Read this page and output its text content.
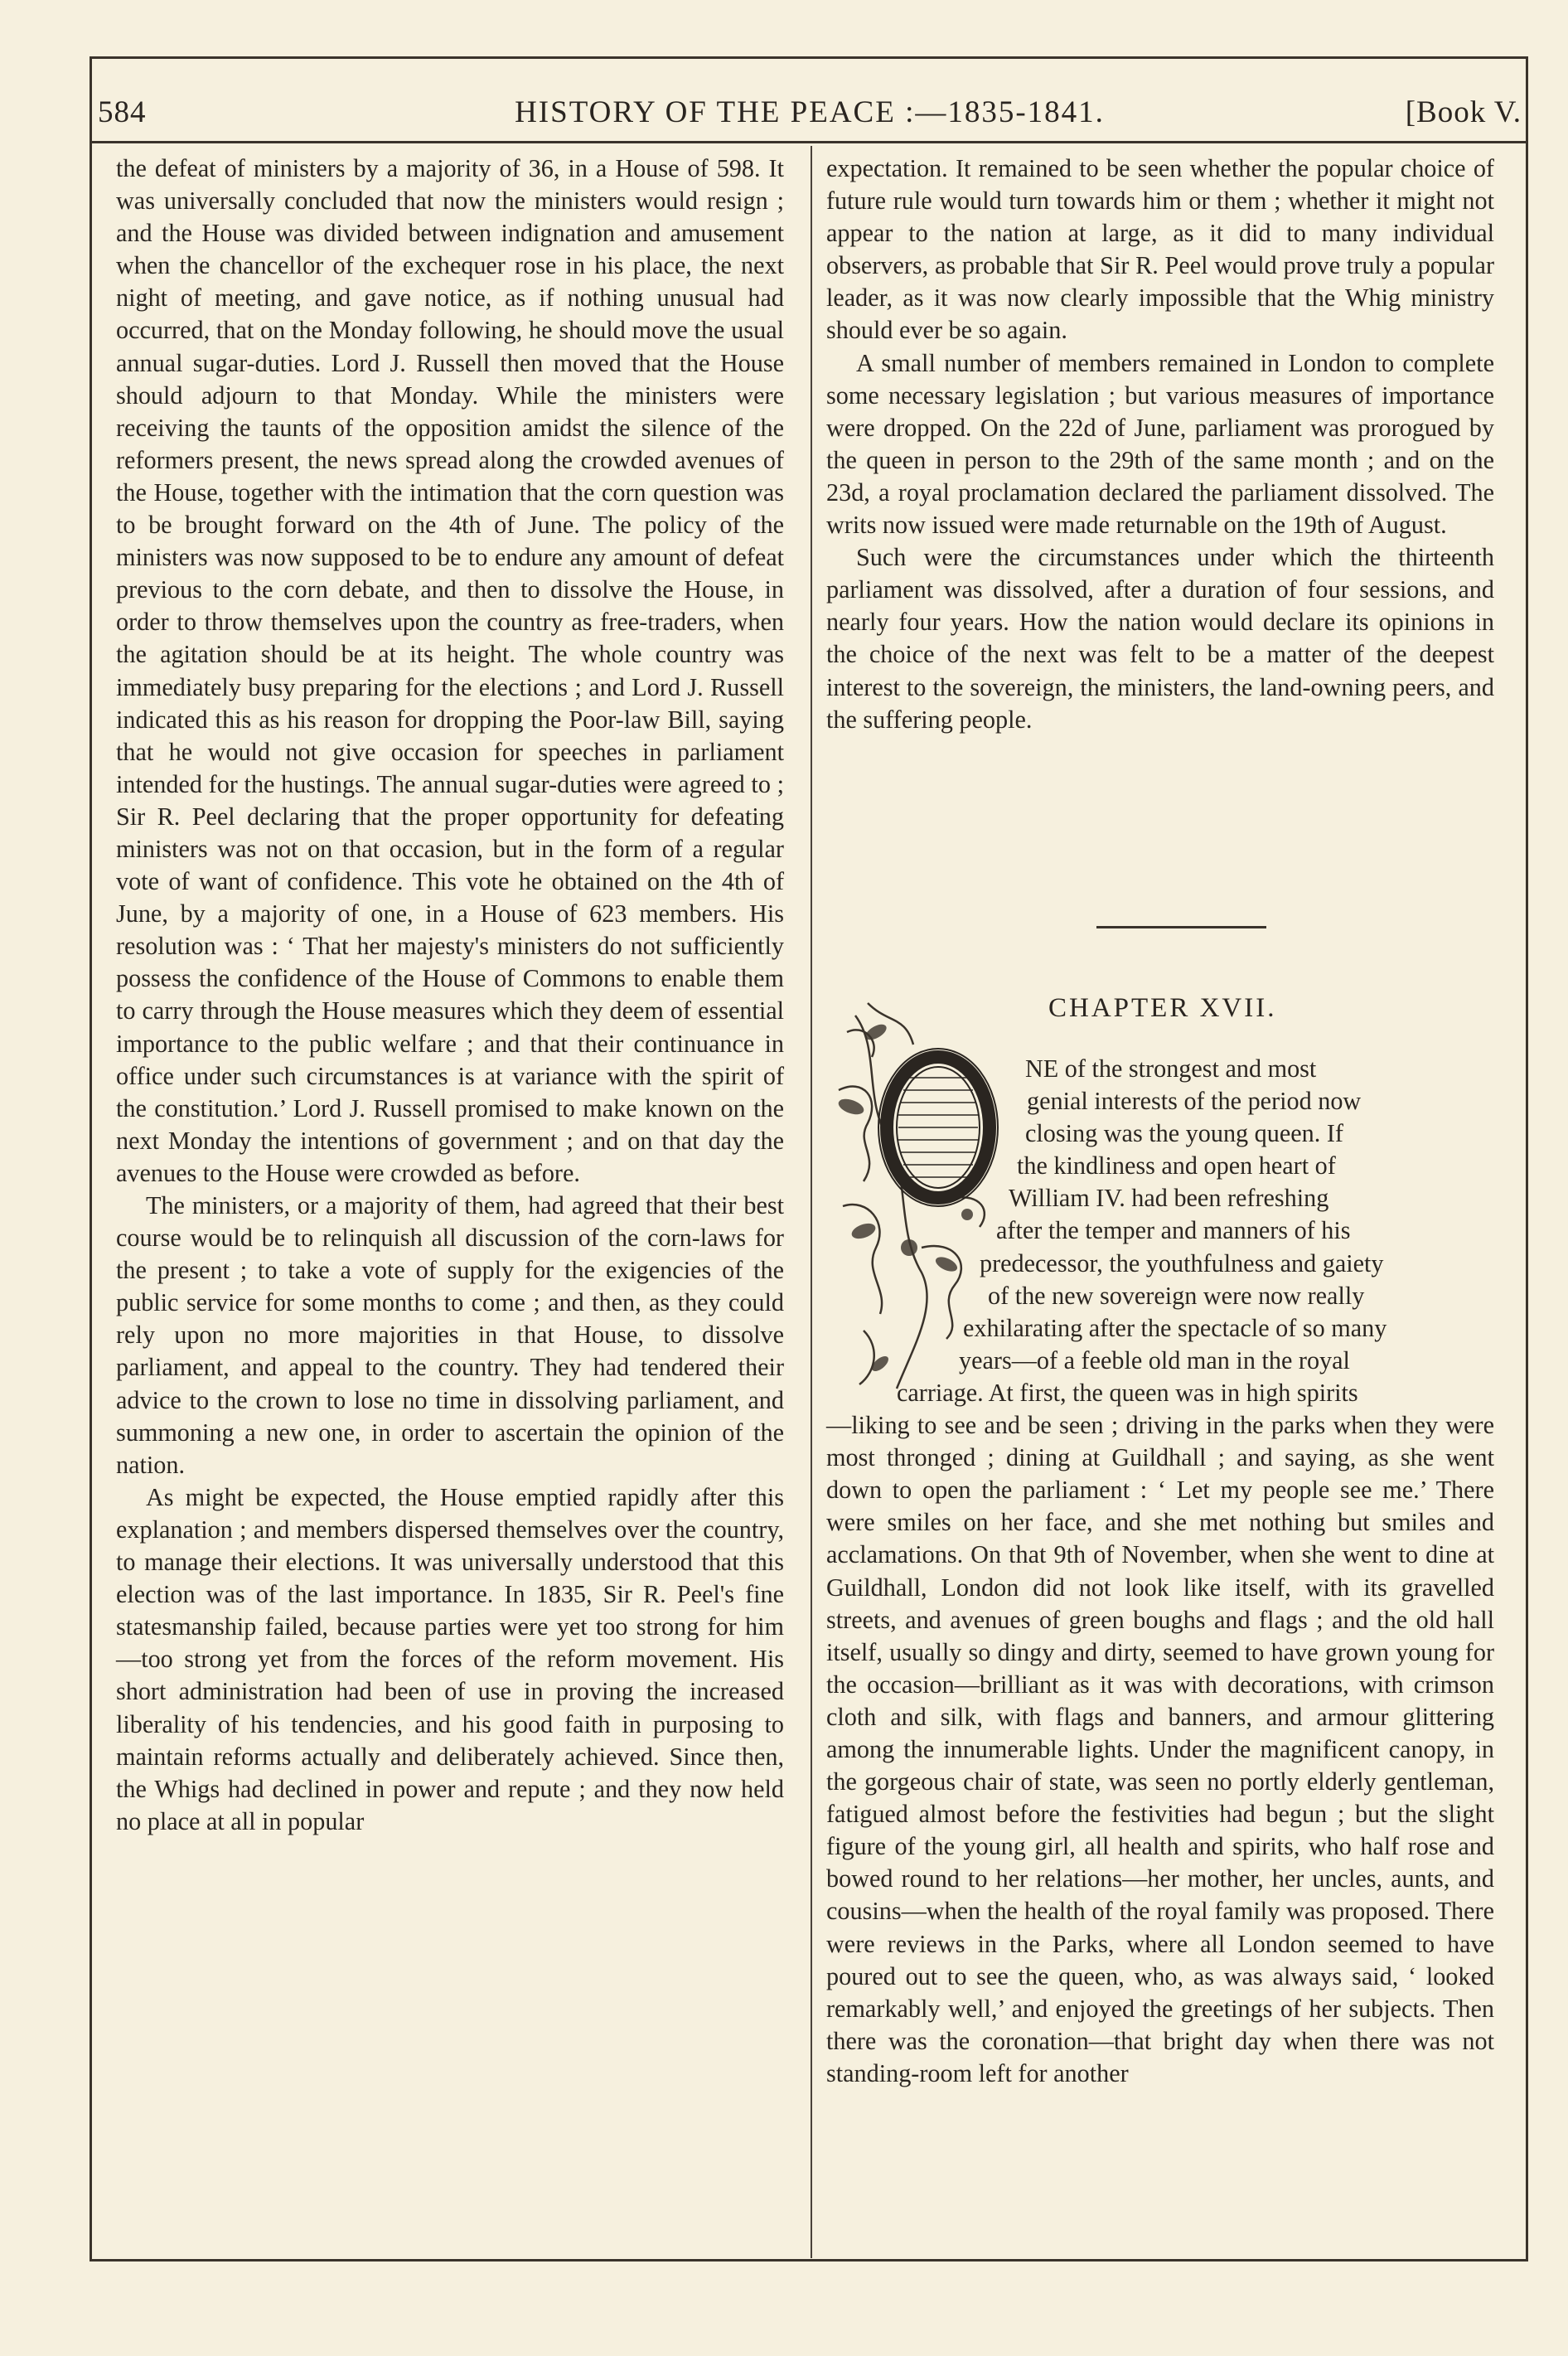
584	HISTORY OF THE PEACE :—1835-1841.	[Book V.

the defeat of ministers by a majority of 36, in a House of 598. It was universally concluded that now the ministers would resign ; and the House was divided between indignation and amusement when the chancellor of the exchequer rose in his place, the next night of meeting, and gave notice, as if nothing unusual had occurred, that on the Monday following, he should move the usual annual sugar-duties. Lord J. Russell then moved that the House should adjourn to that Monday. While the ministers were receiving the taunts of the opposition amidst the silence of the reformers present, the news spread along the crowded avenues of the House, together with the intimation that the corn question was to be brought forward on the 4th of June. The policy of the ministers was now supposed to be to endure any amount of defeat previous to the corn debate, and then to dissolve the House, in order to throw themselves upon the country as free-traders, when the agitation should be at its height. The whole country was immediately busy preparing for the elections ; and Lord J. Russell indicated this as his reason for dropping the Poor-law Bill, saying that he would not give occasion for speeches in parliament intended for the hustings. The annual sugar-duties were agreed to ; Sir R. Peel declaring that the proper opportunity for defeating ministers was not on that occasion, but in the form of a regular vote of want of confidence. This vote he obtained on the 4th of June, by a majority of one, in a House of 623 members. His resolution was : ‘ That her majesty's ministers do not sufficiently possess the confidence of the House of Commons to enable them to carry through the House measures which they deem of essential importance to the public welfare ; and that their continuance in office under such circumstances is at variance with the spirit of the constitution.’ Lord J. Russell promised to make known on the next Monday the intentions of government ; and on that day the avenues to the House were crowded as before.

The ministers, or a majority of them, had agreed that their best course would be to relinquish all discussion of the corn-laws for the present ; to take a vote of supply for the exigencies of the public service for some months to come ; and then, as they could rely upon no more majorities in that House, to dissolve parliament, and appeal to the country. They had tendered their advice to the crown to lose no time in dissolving parliament, and summoning a new one, in order to ascertain the opinion of the nation.

As might be expected, the House emptied rapidly after this explanation ; and members dispersed themselves over the country, to manage their elections. It was universally understood that this election was of the last importance. In 1835, Sir R. Peel's fine statesmanship failed, because parties were yet too strong for him—too strong yet from the forces of the reform movement. His short administration had been of use in proving the increased liberality of his tendencies, and his good faith in purposing to maintain reforms actually and deliberately achieved. Since then, the Whigs had declined in power and repute ; and they now held no place at all in popular

expectation. It remained to be seen whether the popular choice of future rule would turn towards him or them ; whether it might not appear to the nation at large, as it did to many individual observers, as probable that Sir R. Peel would prove truly a popular leader, as it was now clearly impossible that the Whig ministry should ever be so again.

A small number of members remained in London to complete some necessary legislation ; but various measures of importance were dropped. On the 22d of June, parliament was prorogued by the queen in person to the 29th of the same month ; and on the 23d, a royal proclamation declared the parliament dissolved. The writs now issued were made returnable on the 19th of August.

Such were the circumstances under which the thirteenth parliament was dissolved, after a duration of four sessions, and nearly four years. How the nation would declare its opinions in the choice of the next was felt to be a matter of the deepest interest to the sovereign, the ministers, the land-owning peers, and the suffering people.

CHAPTER XVII.
NE of the strongest and most
genial interests of the period now
closing was the young queen. If
the kindliness and open heart of
William IV. had been refreshing
after the temper and manners of his
predecessor, the youthfulness and gaiety
of the new sovereign were now really
exhilarating after the spectacle of so many
years—of a feeble old man in the royal
carriage. At first, the queen was in high spirits

—liking to see and be seen ; driving in the parks when they were most thronged ; dining at Guildhall ; and saying, as she went down to open the parliament : ‘ Let my people see me.’ There were smiles on her face, and she met nothing but smiles and acclamations. On that 9th of November, when she went to dine at Guildhall, London did not look like itself, with its gravelled streets, and avenues of green boughs and flags ; and the old hall itself, usually so dingy and dirty, seemed to have grown young for the occasion—brilliant as it was with decorations, with crimson cloth and silk, with flags and banners, and armour glittering among the innumerable lights. Under the magnificent canopy, in the gorgeous chair of state, was seen no portly elderly gentleman, fatigued almost before the festivities had begun ; but the slight figure of the young girl, all health and spirits, who half rose and bowed round to her relations—her mother, her uncles, aunts, and cousins—when the health of the royal family was proposed. There were reviews in the Parks, where all London seemed to have poured out to see the queen, who, as was always said, ‘ looked remarkably well,’ and enjoyed the greetings of her subjects. Then there was the coronation—that bright day when there was not standing-room left for another
